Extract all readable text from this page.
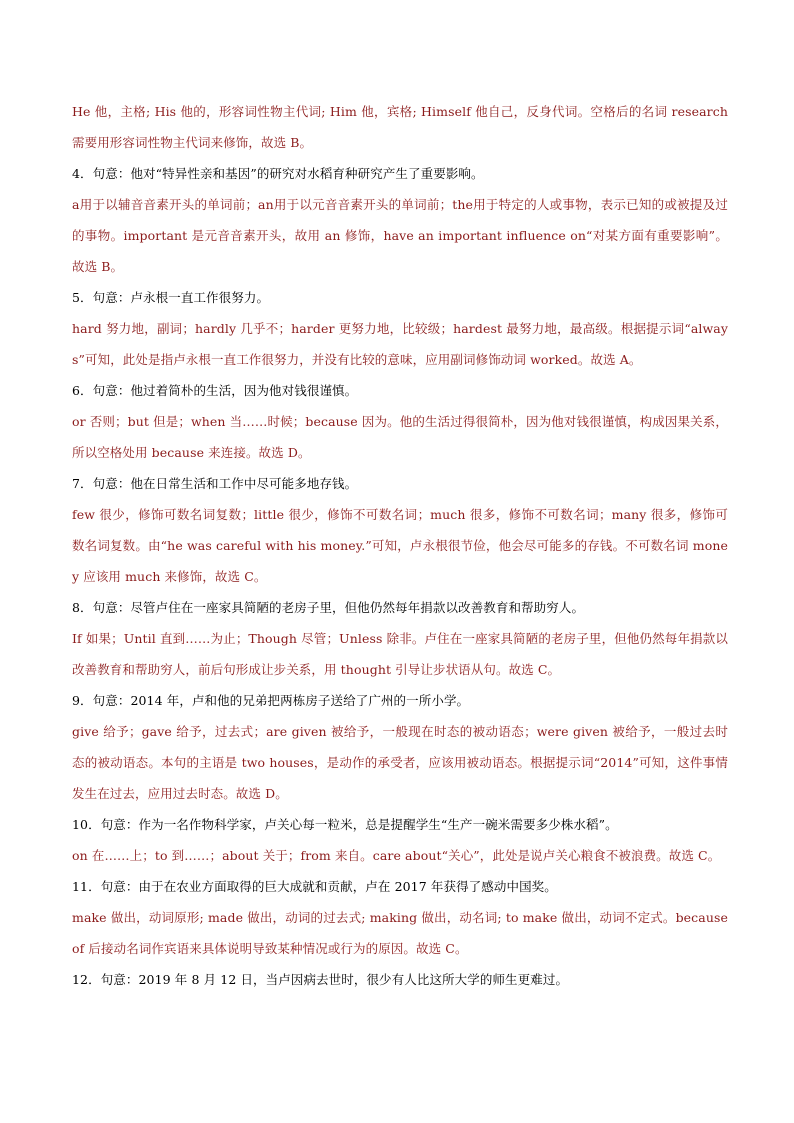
He 他，主格; His 他的，形容词性物主代词; Him 他，宾格; Himself 他自己，反身代词。空格后的名词 research 需要用形容词性物主代词来修饰，故选 B。

4．句意：他对“特异性亲和基因”的研究对水稻育种研究产生了重要影响。

a用于以辅音音素开头的单词前；an用于以元音音素开头的单词前；the用于特定的人或事物，表示已知的或被提及过的事物。important 是元音音素开头，故用 an 修饰，have an important influence on“对某方面有重要影响”。故选 B。

5．句意：卢永根一直工作很努力。

hard 努力地，副词；hardly 几乎不；harder 更努力地，比较级；hardest 最努力地，最高级。根据提示词“always”可知，此处是指卢永根一直工作很努力，并没有比较的意味，应用副词修饰动词 worked。故选 A。

6．句意：他过着简朴的生活，因为他对钱很谨慎。

or 否则；but 但是；when 当……时候；because 因为。他的生活过得很简朴，因为他对钱很谨慎，构成因果关系，所以空格处用 because 来连接。故选 D。

7．句意：他在日常生活和工作中尽可能多地存钱。

few 很少，修饰可数名词复数；little 很少，修饰不可数名词；much 很多，修饰不可数名词；many 很多，修饰可数名词复数。由“he was careful with his money.”可知，卢永根很节俭，他会尽可能多的存钱。不可数名词 money 应该用 much 来修饰，故选 C。

8．句意：尽管卢住在一座家具简陋的老房子里，但他仍然每年捐款以改善教育和帮助穷人。

If 如果；Until 直到……为止；Though 尽管；Unless 除非。卢住在一座家具简陋的老房子里，但他仍然每年捐款以改善教育和帮助穷人，前后句形成让步关系，用 thought 引导让步状语从句。故选 C。

9．句意：2014 年，卢和他的兄弟把两栋房子送给了广州的一所小学。

give 给予；gave 给予，过去式；are given 被给予，一般现在时态的被动语态；were given 被给予，一般过去时态的被动语态。本句的主语是 two houses，是动作的承受者，应该用被动语态。根据提示词“2014”可知，这件事情发生在过去，应用过去时态。故选 D。

10．句意：作为一名作物科学家，卢关心每一粒米，总是提醒学生“生产一碗米需要多少株水稻”。

on 在……上；to 到……；about 关于；from 来自。care about“关心”，此处是说卢关心粮食不被浪费。故选 C。

11．句意：由于在农业方面取得的巨大成就和贡献，卢在 2017 年获得了感动中国奖。

make 做出，动词原形; made 做出，动词的过去式; making 做出，动名词; to make 做出，动词不定式。because of 后接动名词作宾语来具体说明导致某种情况或行为的原因。故选 C。

12．句意：2019 年 8 月 12 日，当卢因病去世时，很少有人比这所大学的师生更难过。
